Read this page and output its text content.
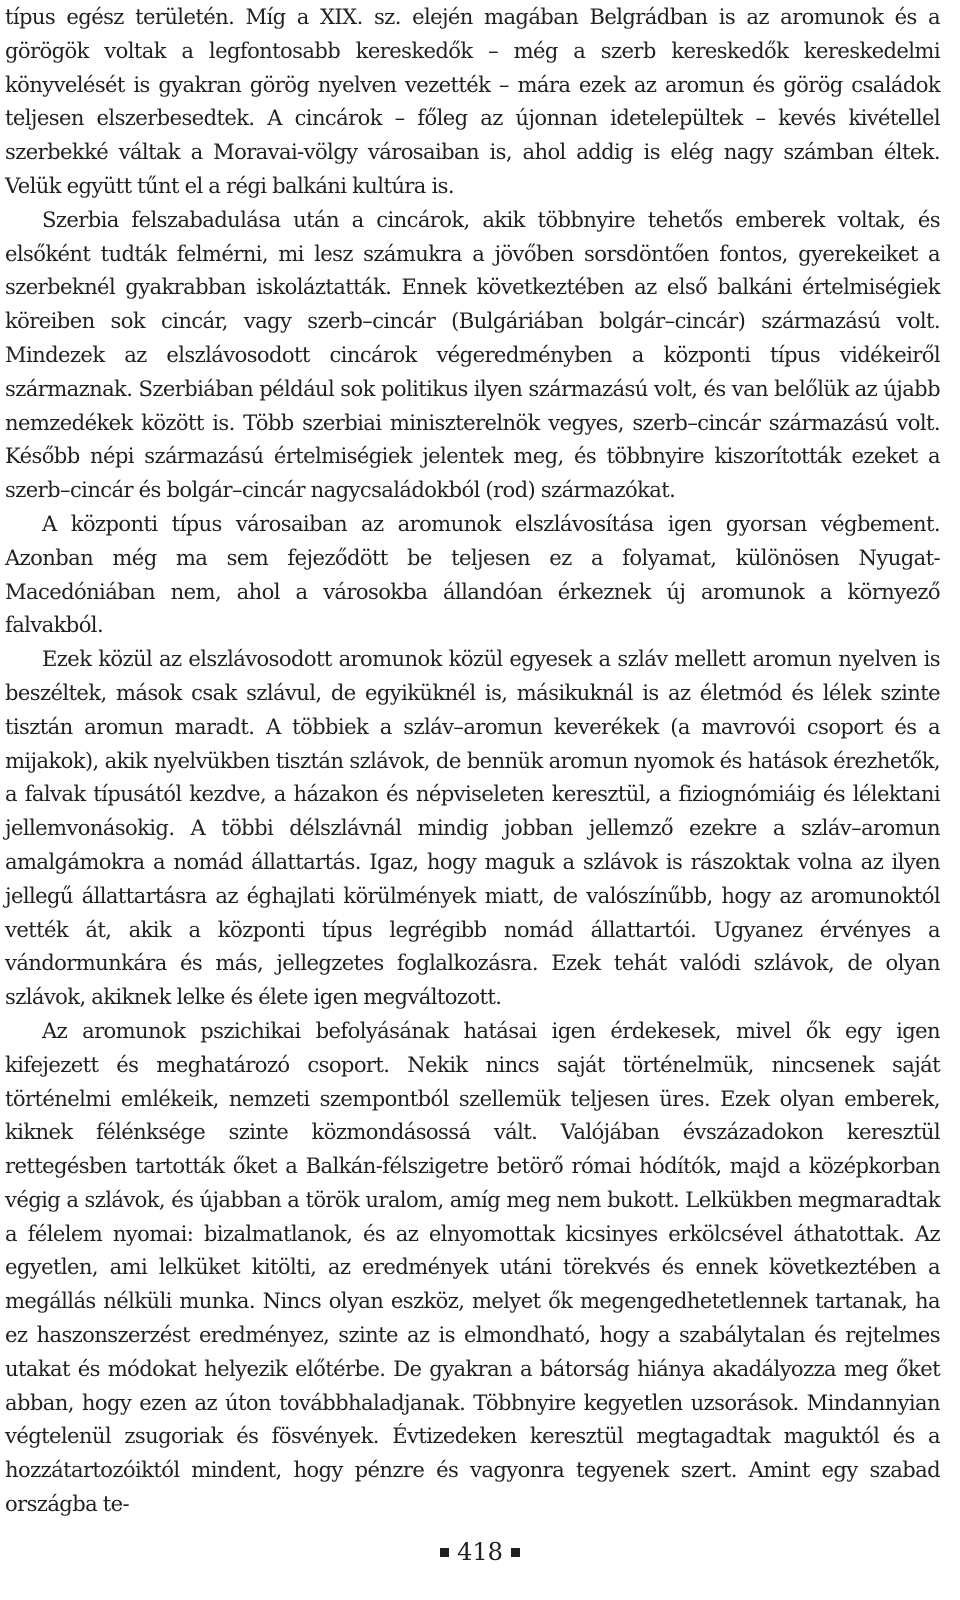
típus egész területén. Míg a XIX. sz. elején magában Belgrádban is az aromunok és a görögök voltak a legfontosabb kereskedők – még a szerb kereskedők kereskedelmi könyvelését is gyakran görög nyelven vezették – mára ezek az aromun és görög családok teljesen elszerbesedtek. A cincárok – főleg az újonnan idetelepültek – kevés kivétellel szerbekké váltak a Moravai-völgy városaiban is, ahol addig is elég nagy számban éltek. Velük együtt tűnt el a régi balkáni kultúra is.

Szerbia felszabadulása után a cincárok, akik többnyire tehetős emberek voltak, és elsőként tudták felmérni, mi lesz számukra a jövőben sorsdöntően fontos, gyerekeiket a szerbeknél gyakrabban iskoláztatták. Ennek következtében az első balkáni értelmiségiek köreiben sok cincár, vagy szerb–cincár (Bulgáriában bolgár–cincár) származású volt. Mindezek az elszlávosodott cincárok végeredményben a központi típus vidékeiről származnak. Szerbiában például sok politikus ilyen származású volt, és van belőlük az újabb nemzedékek között is. Több szerbiai miniszterelnök vegyes, szerb–cincár származású volt. Később népi származású értelmiségiek jelentek meg, és többnyire kiszorították ezeket a szerb–cincár és bolgár–cincár nagycsaládokból (rod) származókat.

A központi típus városaiban az aromunok elszlávosítása igen gyorsan végbement. Azonban még ma sem fejeződött be teljesen ez a folyamat, különösen Nyugat-Macedóniában nem, ahol a városokba állandóan érkeznek új aromunok a környező falvakból.

Ezek közül az elszlávosodott aromunok közül egyesek a szláv mellett aromun nyelven is beszéltek, mások csak szlávul, de egyiküknél is, másikuknál is az életmód és lélek szinte tisztán aromun maradt. A többiek a szláv–aromun keverékek (a mavrovói csoport és a mijakok), akik nyelvükben tisztán szlávok, de bennük aromun nyomok és hatások érezhetők, a falvak típusától kezdve, a házakon és népviseleten keresztül, a fiziognómiáig és lélektani jellemvonásokig. A többi délszlávnál mindig jobban jellemző ezekre a szláv–aromun amalgámokra a nomád állattartás. Igaz, hogy maguk a szlávok is rászoktak volna az ilyen jellegű állattartásra az éghajlati körülmények miatt, de valószínűbb, hogy az aromunoktól vették át, akik a központi típus legrégibb nomád állattartói. Ugyanez érvényes a vándormunkára és más, jellegzetes foglalkozásra. Ezek tehát valódi szlávok, de olyan szlávok, akiknek lelke és élete igen megváltozott.

Az aromunok pszichikai befolyásának hatásai igen érdekesek, mivel ők egy igen kifejezett és meghatározó csoport. Nekik nincs saját történelmük, nincsenek saját történelmi emlékeik, nemzeti szempontból szellemük teljesen üres. Ezek olyan emberek, kiknek félénksége szinte közmondásossá vált. Valójában évszázadokon keresztül rettegésben tartották őket a Balkán-félszigetre betörő római hódítók, majd a középkorban végig a szlávok, és újabban a török uralom, amíg meg nem bukott. Lelkükben megmaradtak a félelem nyomai: bizalmatlanok, és az elnyomottak kicsinyes erkölcsével áthatottak. Az egyetlen, ami lelküket kitölti, az eredmények utáni törekvés és ennek következtében a megállás nélküli munka. Nincs olyan eszköz, melyet ők megengedhetetlennek tartanak, ha ez haszonszerzést eredményez, szinte az is elmondható, hogy a szabálytalan és rejtelmes utakat és módokat helyezik előtérbe. De gyakran a bátorság hiánya akadályozza meg őket abban, hogy ezen az úton továbbhaladjanak. Többnyire kegyetlen uzsorások. Mindannyian végtelenül zsugoriak és fösvények. Évtizedeken keresztül megtagadtak maguktól és a hozzátartozóiktól mindent, hogy pénzre és vagyonra tegyenek szert. Amint egy szabad országba te-

418
